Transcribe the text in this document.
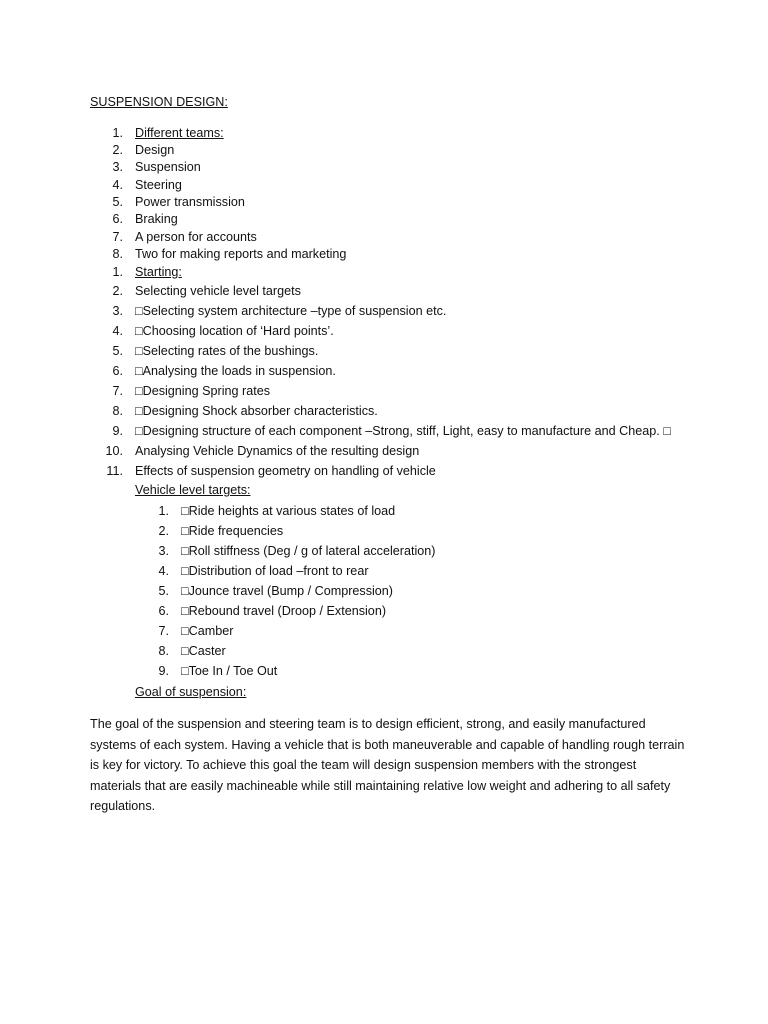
SUSPENSION DESIGN:
1. Different teams:
2. Design
3. Suspension
4. Steering
5. Power transmission
6. Braking
7. A person for accounts
8. Two for making reports and marketing
1. Starting:
2. Selecting vehicle level targets
3. □Selecting system architecture –type of suspension etc.
4. □Choosing location of ‘Hard points’.
5. □Selecting rates of the bushings.
6. □Analysing the loads in suspension.
7. □Designing Spring rates
8. □Designing Shock absorber characteristics.
9. □Designing structure of each component –Strong, stiff, Light, easy to manufacture and Cheap. □
10. Analysing Vehicle Dynamics of the resulting design
11. Effects of suspension geometry on handling of vehicle
Vehicle level targets:
1. □Ride heights at various states of load
2. □Ride frequencies
3. □Roll stiffness (Deg / g of lateral acceleration)
4. □Distribution of load –front to rear
5. □Jounce travel (Bump / Compression)
6. □Rebound travel (Droop / Extension)
7. □Camber
8. □Caster
9. □Toe In / Toe Out
Goal of suspension:
The goal of the suspension and steering team is to design efficient, strong, and easily manufactured systems of each system. Having a vehicle that is both maneuverable and capable of handling rough terrain is key for victory. To achieve this goal the team will design suspension members with the strongest materials that are easily machineable while still maintaining relative low weight and adhering to all safety regulations.
